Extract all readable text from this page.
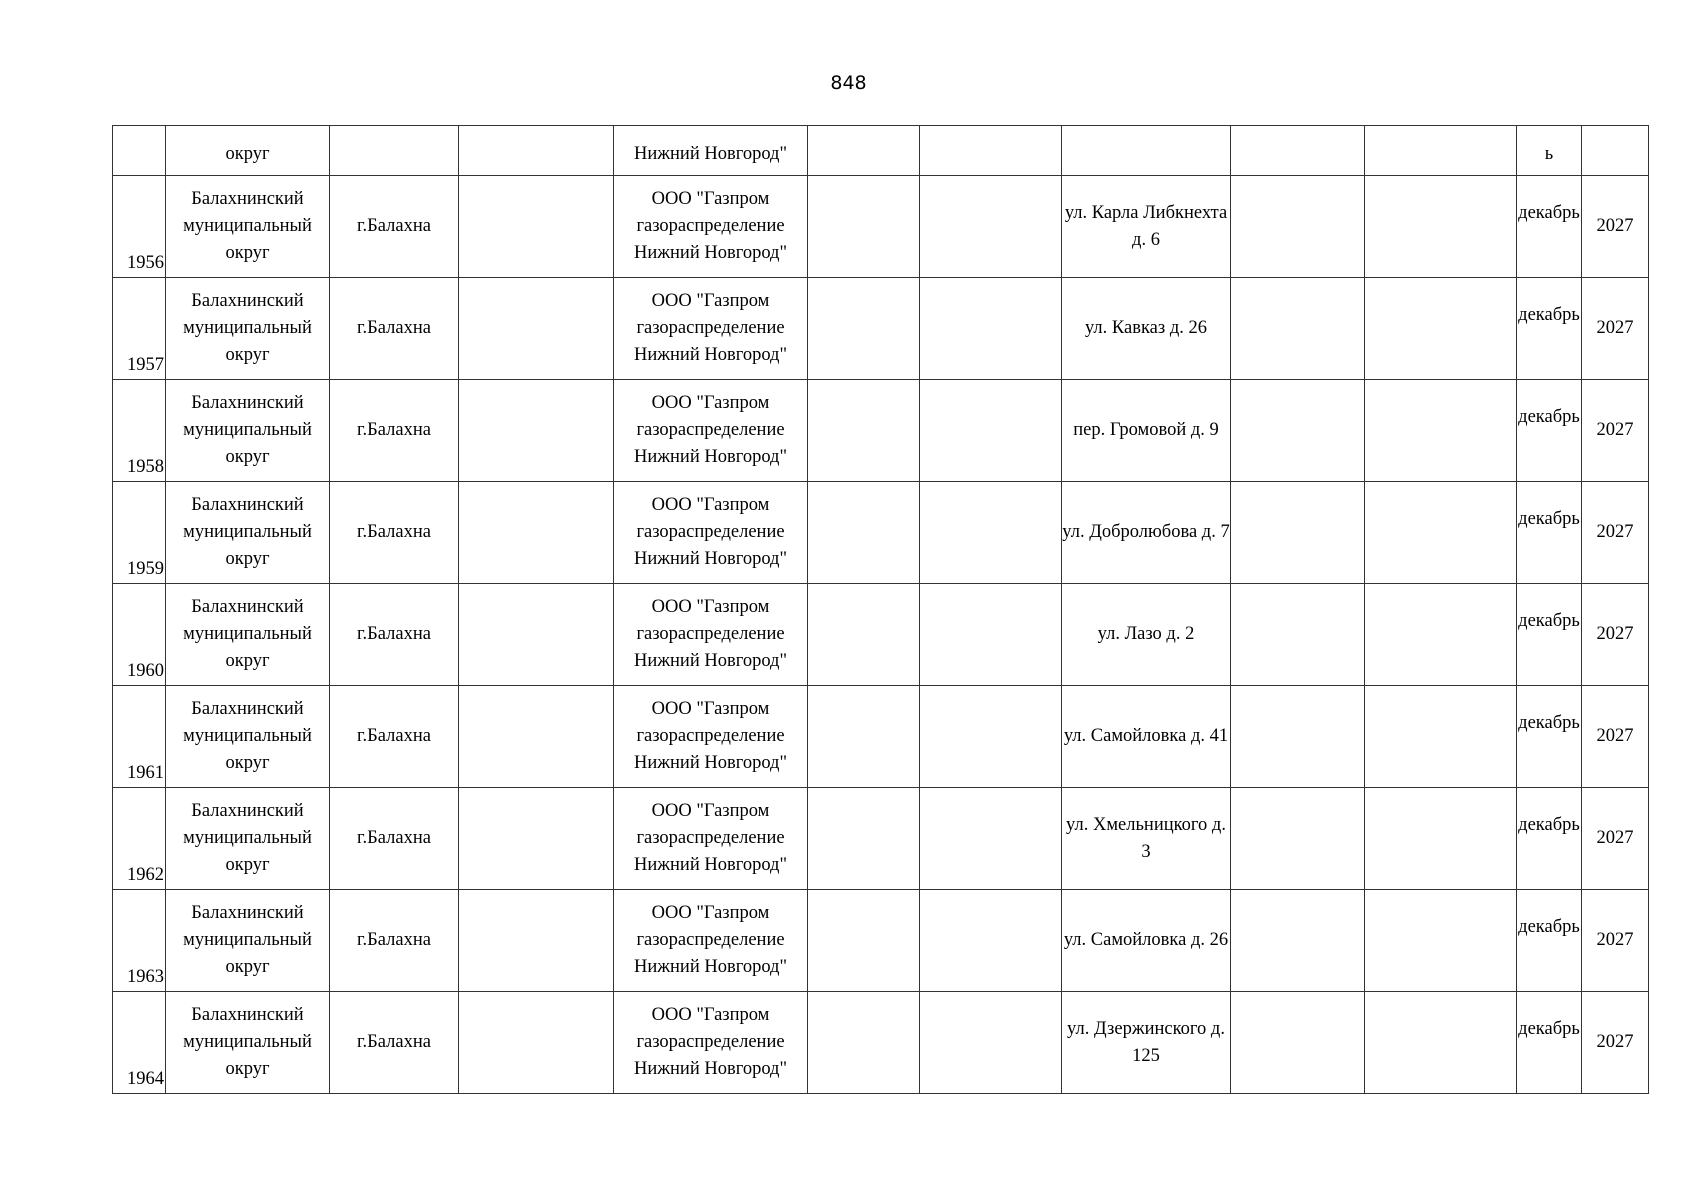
848
	округ			Нижний Новгород"						ь	
1956	Балахнинский муниципальный округ	г.Балахна		ООО "Газпром газораспределение Нижний Новгород"			ул. Карла Либкнехта д. 6			декабрь	2027
1957	Балахнинский муниципальный округ	г.Балахна		ООО "Газпром газораспределение Нижний Новгород"			ул. Кавказ д. 26			декабрь	2027
1958	Балахнинский муниципальный округ	г.Балахна		ООО "Газпром газораспределение Нижний Новгород"			пер. Громовой д. 9			декабрь	2027
1959	Балахнинский муниципальный округ	г.Балахна		ООО "Газпром газораспределение Нижний Новгород"			ул. Добролюбова д. 7			декабрь	2027
1960	Балахнинский муниципальный округ	г.Балахна		ООО "Газпром газораспределение Нижний Новгород"			ул. Лазо д. 2			декабрь	2027
1961	Балахнинский муниципальный округ	г.Балахна		ООО "Газпром газораспределение Нижний Новгород"			ул. Самойловка д. 41			декабрь	2027
1962	Балахнинский муниципальный округ	г.Балахна		ООО "Газпром газораспределение Нижний Новгород"			ул. Хмельницкого д. 3			декабрь	2027
1963	Балахнинский муниципальный округ	г.Балахна		ООО "Газпром газораспределение Нижний Новгород"			ул. Самойловка д. 26			декабрь	2027
1964	Балахнинский муниципальный округ	г.Балахна		ООО "Газпром газораспределение Нижний Новгород"			ул. Дзержинского д. 125			декабрь	2027
